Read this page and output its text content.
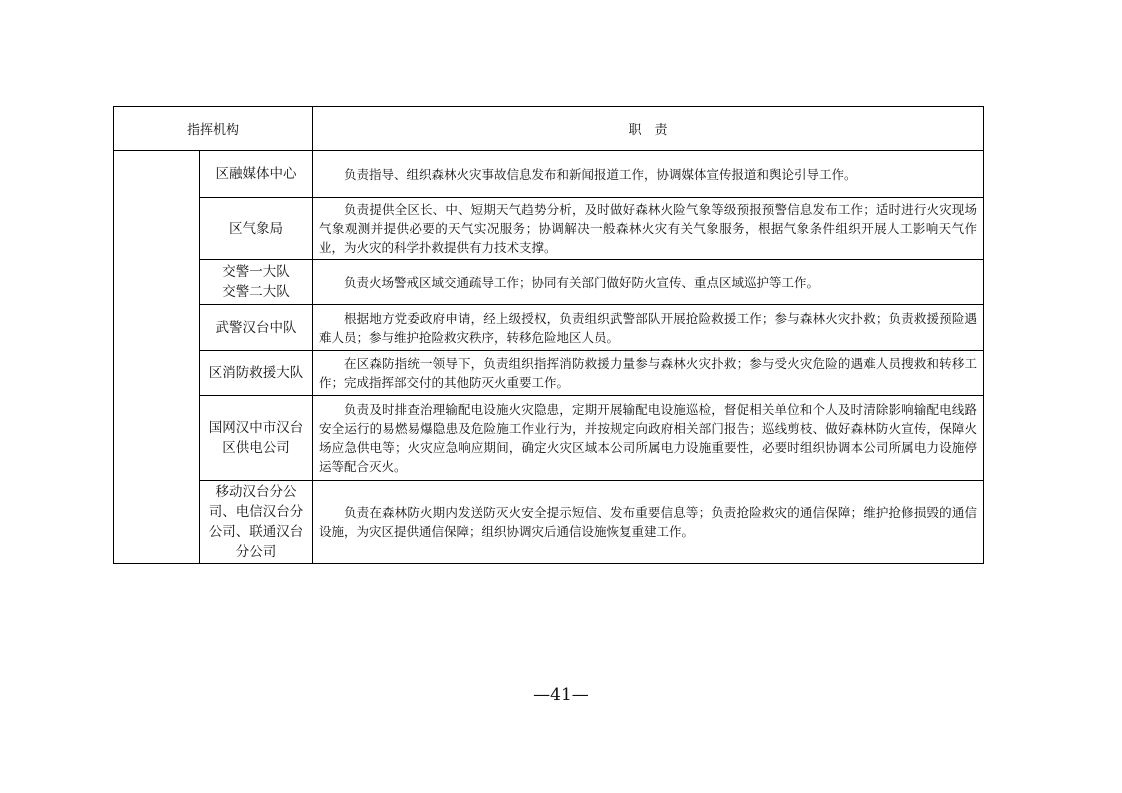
指挥机构		职　责

	区融媒体中心	负责指导、组织森林火灾事故信息发布和新闻报道工作，协调媒体宣传报道和舆论引导工作。

	区气象局	负责提供全区长、中、短期天气趋势分析，及时做好森林火险气象等级预报预警信息发布工作；适时进行火灾现场气象观测并提供必要的天气实况服务；协调解决一般森林火灾有关气象服务，根据气象条件组织开展人工影响天气作业，为火灾的科学扑救提供有力技术支撑。

	交警一大队
交警二大队	负责火场警戒区域交通疏导工作；协同有关部门做好防火宣传、重点区域巡护等工作。

	武警汉台中队	根据地方党委政府申请，经上级授权，负责组织武警部队开展抢险救援工作；参与森林火灾扑救；负责救援预险遇难人员；参与维护抢险救灾秩序，转移危险地区人员。

	区消防救援大队	在区森防指统一领导下，负责组织指挥消防救援力量参与森林火灾扑救；参与受火灾危险的遇难人员搜救和转移工作；完成指挥部交付的其他防灭火重要工作。

	国网汉中市汉台
区供电公司	负责及时排查治理输配电设施火灾隐患，定期开展输配电设施巡检，督促相关单位和个人及时清除影响输配电线路安全运行的易燃易爆隐患及危险施工作业行为，并按规定向政府相关部门报告；巡线剪枝、做好森林防火宣传，保障火场应急供电等；火灾应急响应期间，确定火灾区域本公司所属电力设施重要性，必要时组织协调本公司所属电力设施停运等配合灭火。

	移动汉台分公
司、电信汉台分
公司、联通汉台
分公司	负责在森林防火期内发送防灭火安全提示短信、发布重要信息等；负责抢险救灾的通信保障；维护抢修损毁的通信设施，为灾区提供通信保障；组织协调灾后通信设施恢复重建工作。
—41—
